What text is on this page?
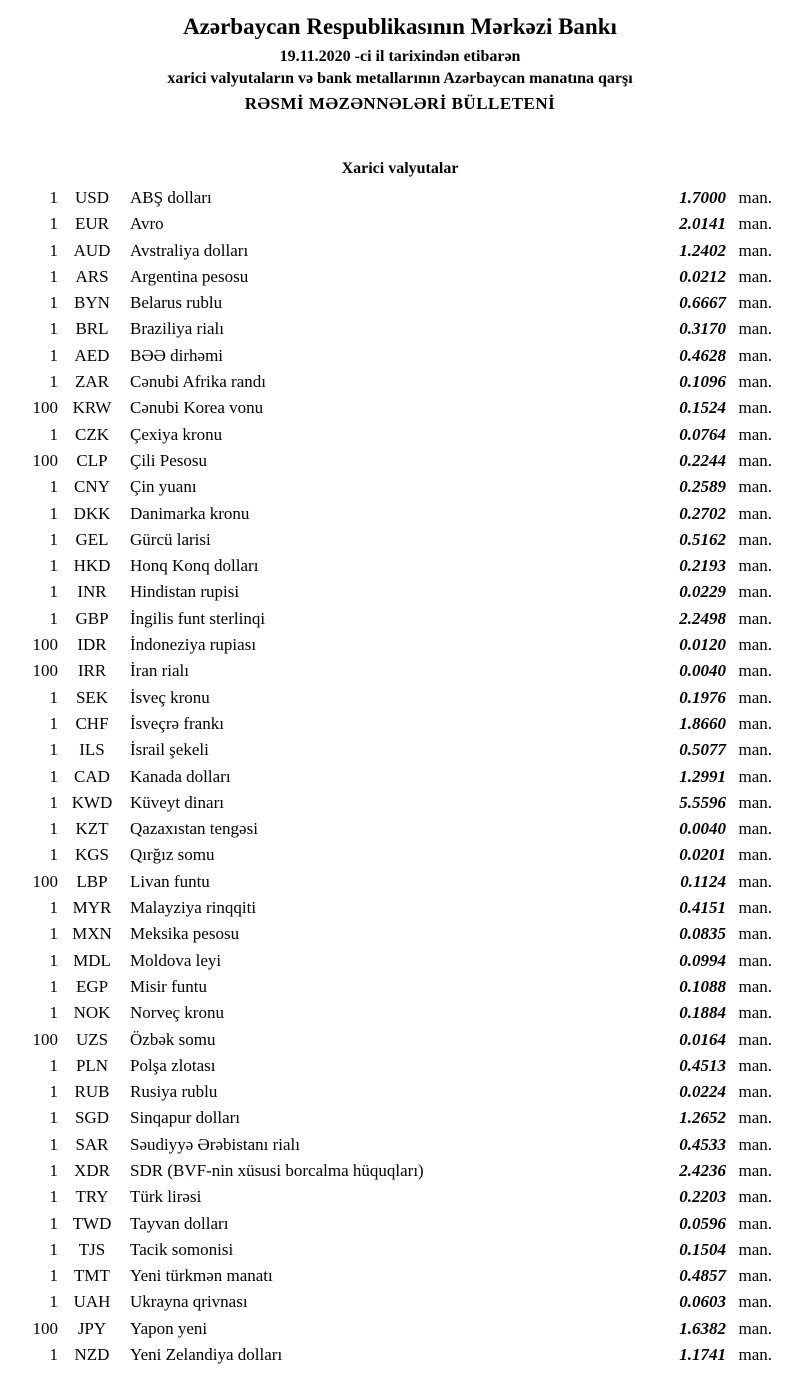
Azərbaycan Respublikasının Mərkəzi Bankı
19.11.2020 -ci il tarixindən etibarən
xarici valyutaların və bank metallarının Azərbaycan manatına qarşı
RƏSMİ MƏZƏNNƏLƏRİ BÜLLETENİ
Xarici valyutalar
1 USD	ABŞ dolları	1.7000 man.
1	EUR	Avro	2.0141 man.
1 AUD	Avstraliya dolları	1.2402 man.
1	ARS	Argentina pesosu	0.0212 man.
1 BYN	Belarus rublu	0.6667 man.
1	BRL	Braziliya rialı	0.3170 man.
1 AED	BƏƏ dirhəmi	0.4628 man.
1	ZAR	Cənubi Afrika randı	0.1096 man.
100 KRW	Cənubi Korea vonu	0.1524 man.
1	CZK	Çexiya kronu	0.0764 man.
100	CLP	Çili Pesosu	0.2244 man.
1 CNY	Çin yuanı	0.2589 man.
1 DKK	Danimarka kronu	0.2702 man.
1	GEL	Gürcü larisi	0.5162 man.
1 HKD	Honq Konq dolları	0.2193 man.
1	INR	Hindistan rupisi	0.0229 man.
1	GBP	İngilis funt sterlinqi	2.2498 man.
100	IDR	İndoneziya rupiası	0.0120 man.
100	IRR	İran rialı	0.0040 man.
1	SEK	İsveç kronu	0.1976 man.
1	CHF	İsveçrə frankı	1.8660 man.
1	ILS	İsrail şekeli	0.5077 man.
1 CAD	Kanada dolları	1.2991 man.
1 KWD	Küveyt dinarı	5.5596 man.
1	KZT	Qazaxıstan tengəsi	0.0040 man.
1 KGS	Qırğız somu	0.0201 man.
100	LBP	Livan funtu	0.1124 man.
1 MYR	Malayziya rinqqiti	0.4151 man.
1 MXN	Meksika pesosu	0.0835 man.
1 MDL	Moldova leyi	0.0994 man.
1	EGP	Misir funtu	0.1088 man.
1 NOK	Norveç kronu	0.1884 man.
100	UZS	Özbək somu	0.0164 man.
1	PLN	Polşa zlotası	0.4513 man.
1 RUB	Rusiya rublu	0.0224 man.
1 SGD	Sinqapur dolları	1.2652 man.
1	SAR	Səudiyyə Ərəbistanı rialı	0.4533 man.
1 XDR	SDR (BVF-nin xüsusi borcalma hüquqları)	2.4236 man.
1	TRY	Türk lirəsi	0.2203 man.
1 TWD	Tayvan dolları	0.0596 man.
1	TJS	Tacik somonisi	0.1504 man.
1 TMT	Yeni türkmən manatı	0.4857 man.
1 UAH	Ukrayna qrivnası	0.0603 man.
100	JPY	Yapon yeni	1.6382 man.
1 NZD	Yeni Zelandiya dolları	1.1741 man.
